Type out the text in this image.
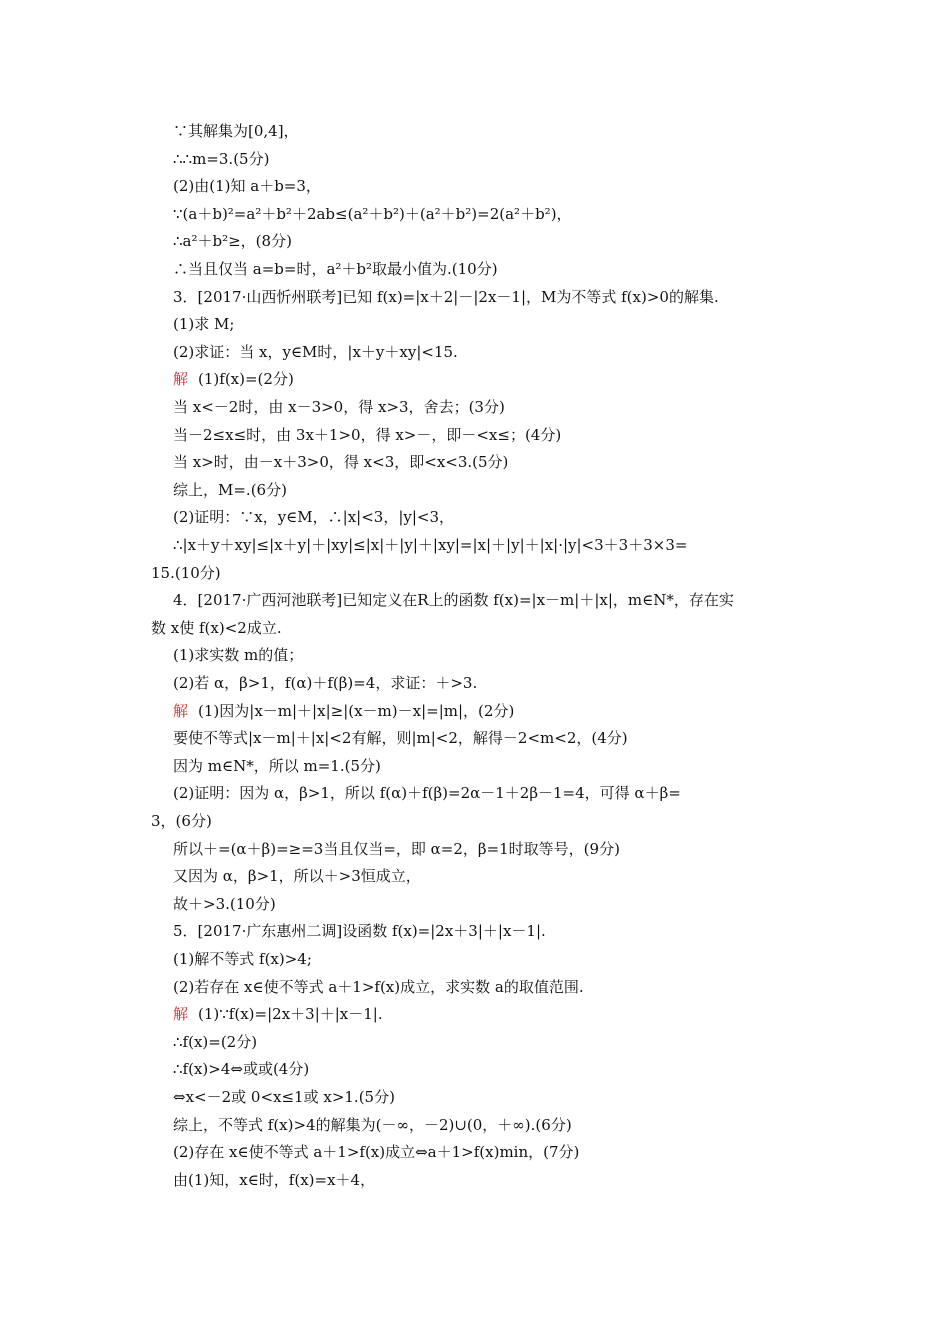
∵其解集为[0,4]，
∴∴m=3.(5分)
(2)由(1)知 a＋b=3，
∵(a＋b)²=a²＋b²＋2ab≤(a²＋b²)＋(a²＋b²)=2(a²＋b²)，
∴a²＋b²≥，(8分)
∴当且仅当 a=b=时，a²＋b²取最小值为.(10分)
3．[2017·山西忻州联考]已知 f(x)=|x＋2|－|2x－1|，M为不等式 f(x)>0的解集.
(1)求 M;
(2)求证：当 x，y∈M时，|x＋y＋xy|<15.
解 (1)f(x)=(2分)
当 x<－2时，由 x－3>0，得 x>3，舍去；(3分)
当－2≤x≤时，由 3x＋1>0，得 x>－，即－<x≤；(4分)
当 x>时，由－x＋3>0，得 x<3，即<x<3.(5分)
综上，M=.(6分)
(2)证明：∵x，y∈M，∴|x|<3，|y|<3，
∴|x＋y＋xy|≤|x＋y|＋|xy|≤|x|＋|y|＋|xy|=|x|＋|y|＋|x|·|y|<3＋3＋3×3=
15.(10分)
4．[2017·广西河池联考]已知定义在R上的函数 f(x)=|x－m|＋|x|，m∈N*，存在实
数 x使 f(x)<2成立.
(1)求实数 m的值；
(2)若 α，β>1，f(α)＋f(β)=4，求证：＋>3.
解 (1)因为|x－m|＋|x|≥|(x－m)－x|=|m|，(2分)
要使不等式|x－m|＋|x|<2有解，则|m|<2，解得－2<m<2，(4分)
因为 m∈N*，所以 m=1.(5分)
(2)证明：因为 α，β>1，所以 f(α)＋f(β)=2α－1＋2β－1=4，可得 α＋β=
3，(6分)
所以＋=(α＋β)=≥=3当且仅当=，即 α=2，β=1时取等号，(9分)
又因为 α，β>1，所以＋>3恒成立，
故＋>3.(10分)
5．[2017·广东惠州二调]设函数 f(x)=|2x＋3|＋|x－1|.
(1)解不等式 f(x)>4;
(2)若存在 x∈使不等式 a＋1>f(x)成立，求实数 a的取值范围.
解 (1)∵f(x)=|2x＋3|＋|x－1|.
∴f(x)=(2分)
∴f(x)>4⇔或或(4分)
⇔x<－2或 0<x≤1或 x>1.(5分)
综上，不等式 f(x)>4的解集为(－∞，－2)∪(0，＋∞).(6分)
(2)存在 x∈使不等式 a＋1>f(x)成立⇔a＋1>f(x)min，(7分)
由(1)知，x∈时，f(x)=x＋4，
